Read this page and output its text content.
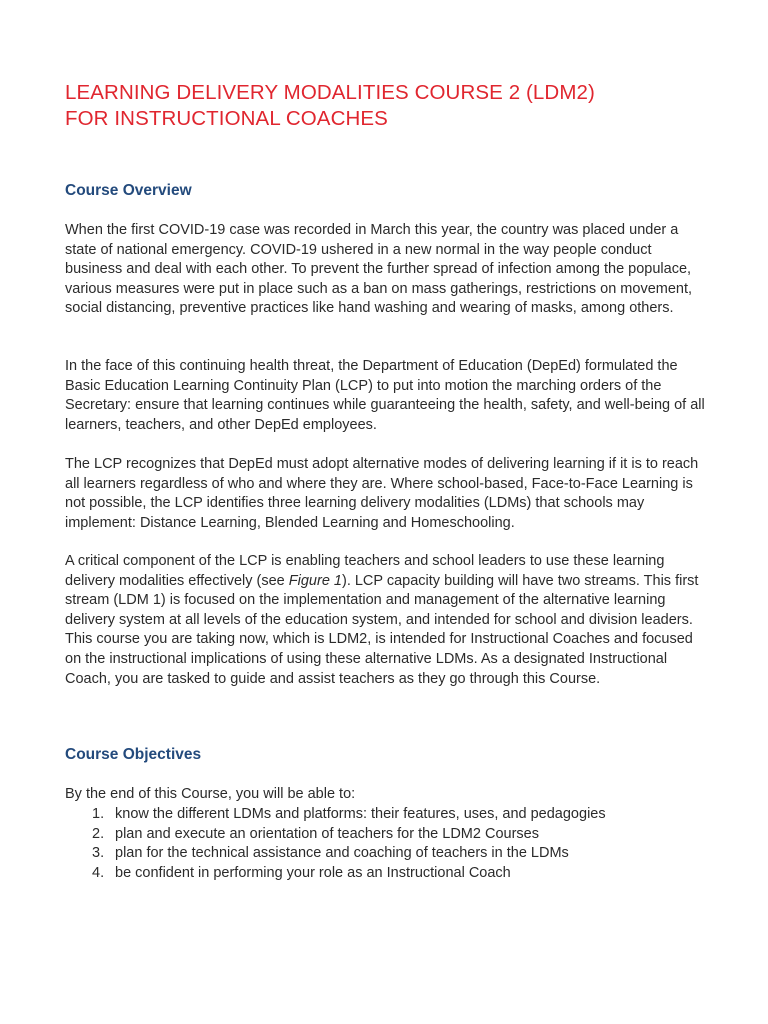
LEARNING DELIVERY MODALITIES COURSE 2 (LDM2)
FOR INSTRUCTIONAL COACHES
Course Overview

When the first COVID-19 case was recorded in March this year, the country was placed under a state of national emergency. COVID-19 ushered in a new normal in the way people conduct business and deal with each other. To prevent the further spread of infection among the populace, various measures were put in place such as a ban on mass gatherings, restrictions on movement, social distancing, preventive practices like hand washing and wearing of masks, among others.

In the face of this continuing health threat, the Department of Education (DepEd) formulated the Basic Education Learning Continuity Plan (LCP) to put into motion the marching orders of the Secretary: ensure that learning continues while guaranteeing the health, safety, and well-being of all learners, teachers, and other DepEd employees.

The LCP recognizes that DepEd must adopt alternative modes of delivering learning if it is to reach all learners regardless of who and where they are. Where school-based, Face-to-Face Learning is not possible, the LCP identifies three learning delivery modalities (LDMs) that schools may implement: Distance Learning, Blended Learning and Homeschooling.

A critical component of the LCP is enabling teachers and school leaders to use these learning delivery modalities effectively (see Figure 1). LCP capacity building will have two streams. This first stream (LDM 1) is focused on the implementation and management of the alternative learning delivery system at all levels of the education system, and intended for school and division leaders. This course you are taking now, which is LDM2, is intended for Instructional Coaches and focused on the instructional implications of using these alternative LDMs. As a designated Instructional Coach, you are tasked to guide and assist teachers as they go through this Course.

Course Objectives

By the end of this Course, you will be able to:

1. know the different LDMs and platforms: their features, uses, and pedagogies
2. plan and execute an orientation of teachers for the LDM2 Courses
3. plan for the technical assistance and coaching of teachers in the LDMs
4. be confident in performing your role as an Instructional Coach
